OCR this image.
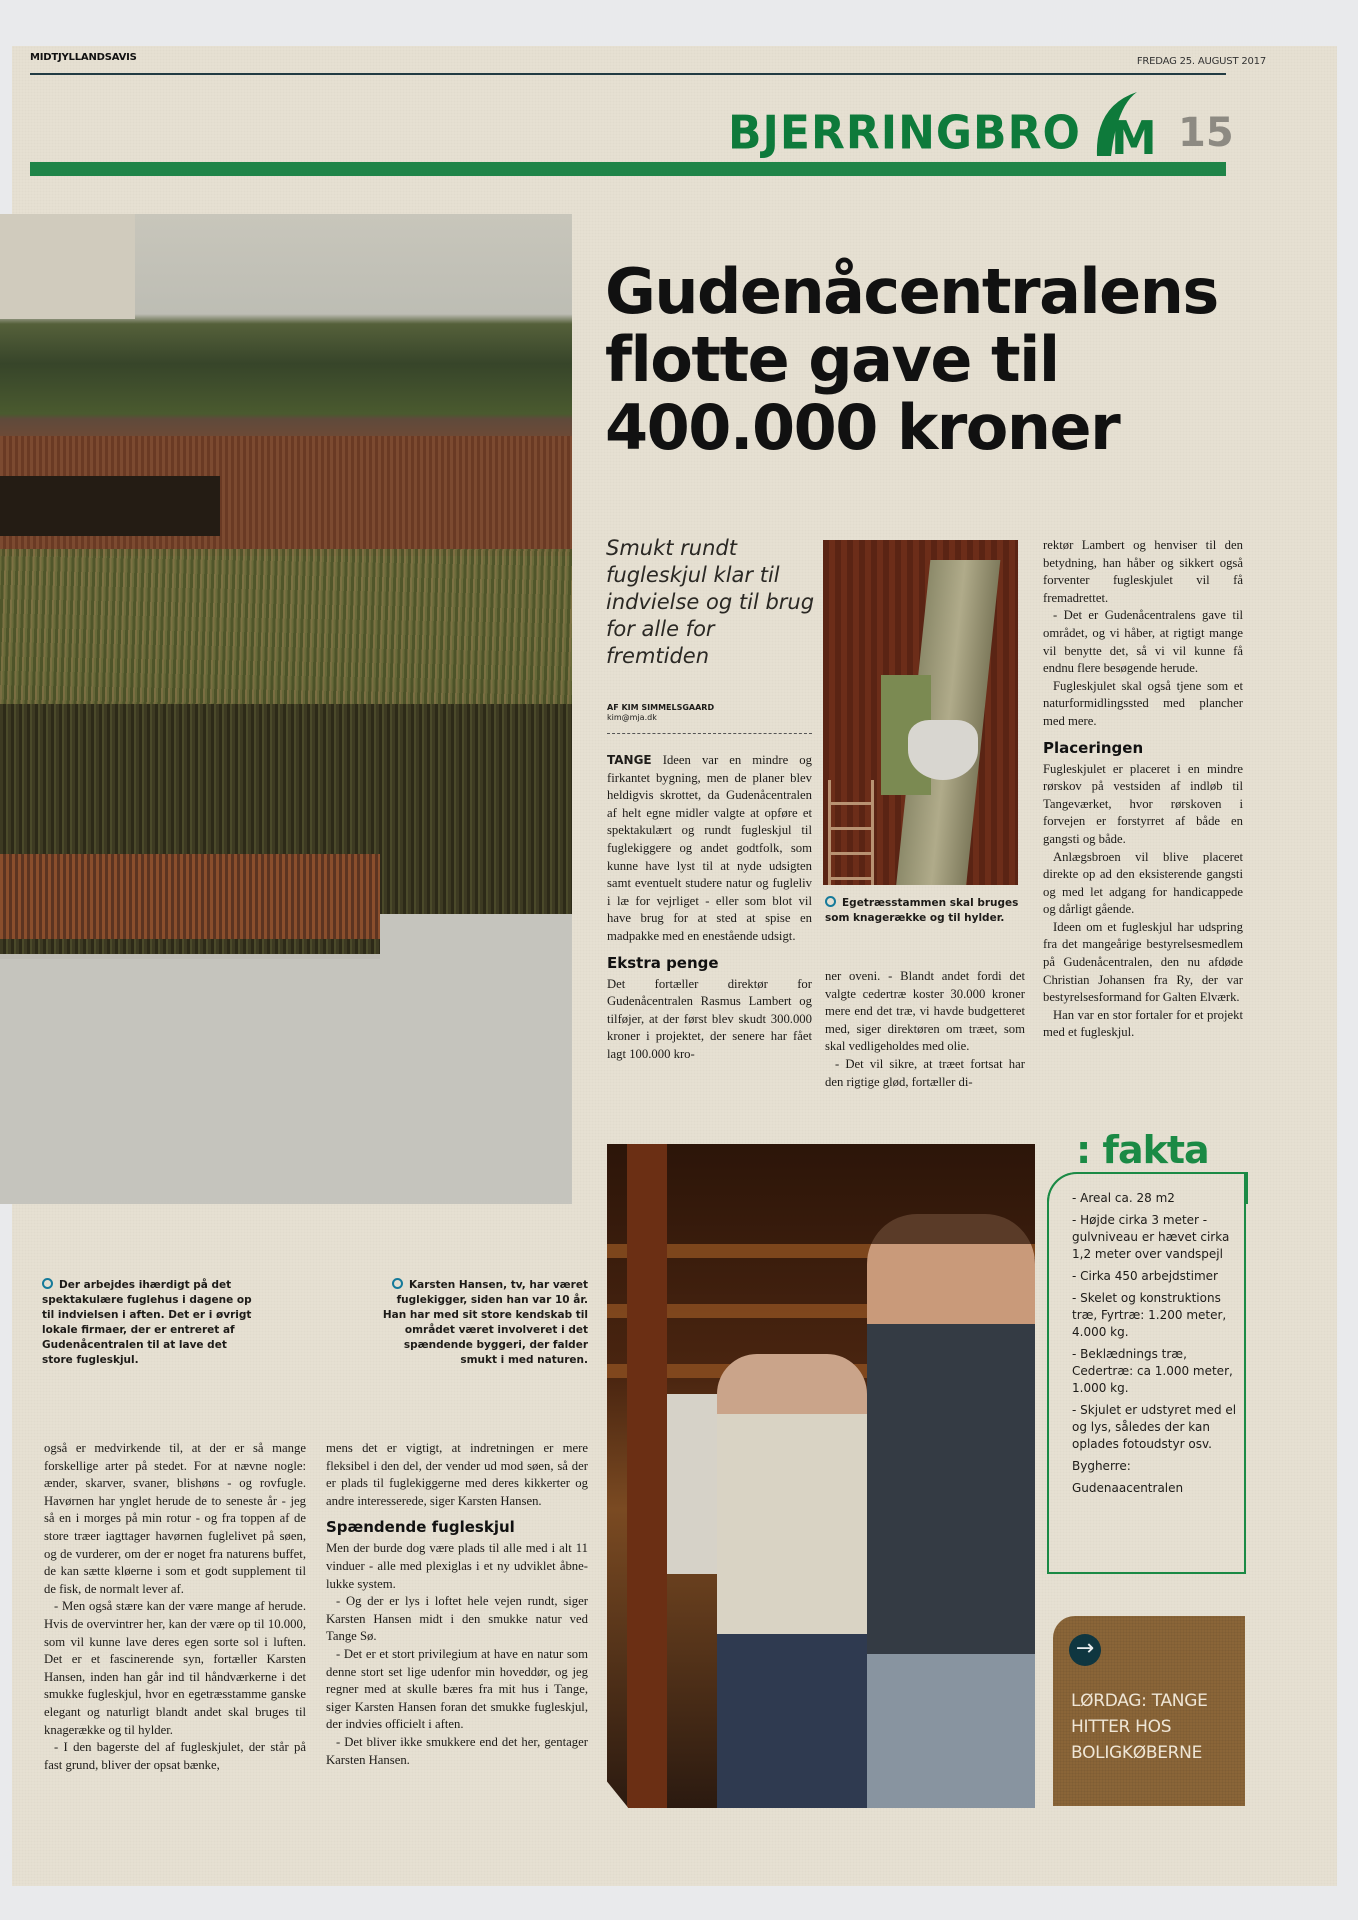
MIDTJYLLANDSAVIS	FREDAG 25. AUGUST 2017
BJERRINGBRO M 15
Gudenåcentralens
flotte gave til
400.000 kroner
Smukt rundt fugleskjul klar til indvielse og til brug for alle for fremtiden
AF KIM SIMMELSGAARD
kim@mja.dk

TANGE Ideen var en mindre og firkantet bygning, men de planer blev heldigvis skrottet, da Gudenåcentralen af helt egne midler valgte at opføre et spektakulært og rundt fugleskjul til fuglekiggere og andet godtfolk, som kunne have lyst til at nyde udsigten samt eventuelt studere natur og fugleliv i læ for vejrliget - eller som blot vil have brug for at sted at spise en madpakke med en enestående udsigt.

Ekstra penge

Det fortæller direktør for Gudenåcentralen Rasmus Lambert og tilføjer, at der først blev skudt 300.000 kroner i projektet, der senere har fået lagt 100.000 kro-

Egetræsstammen skal bruges som knagerække og til hylder.

ner oveni. - Blandt andet fordi det valgte cedertræ koster 30.000 kroner mere end det træ, vi havde budgetteret med, siger direktøren om træet, som skal vedligeholdes med olie.

- Det vil sikre, at træet fortsat har den rigtige glød, fortæller di-

rektør Lambert og henviser til den betydning, han håber og sikkert også forventer fugleskjulet vil få fremadrettet.

- Det er Gudenåcentralens gave til området, og vi håber, at rigtigt mange vil benytte det, så vi vil kunne få endnu flere besøgende herude.

Fugleskjulet skal også tjene som et naturformidlingssted med plancher med mere.

Placeringen

Fugleskjulet er placeret i en mindre rørskov på vestsiden af indløb til Tangeværket, hvor rørskoven i forvejen er forstyrret af både en gangsti og både.

Anlægsbroen vil blive placeret direkte op ad den eksisterende gangsti og med let adgang for handicappede og dårligt gående.

Ideen om et fugleskjul har udspring fra det mangeårige bestyrelsesmedlem på Gudenåcentralen, den nu afdøde Christian Johansen fra Ry, der var bestyrelsesformand for Galten Elværk.

Han var en stor fortaler for et projekt med et fugleskjul.

Der arbejdes ihærdigt på det spektakulære fuglehus i dagene op til indvielsen i aften. Det er i øvrigt lokale firmaer, der er entreret af Gudenåcentralen til at lave det store fugleskjul.
Karsten Hansen, tv, har været fuglekigger, siden han var 10 år. Han har med sit store kendskab til området været involveret i det spændende byggeri, der falder smukt i med naturen.

også er medvirkende til, at der er så mange forskellige arter på stedet. For at nævne nogle: ænder, skarver, svaner, blishøns - og rovfugle. Havørnen har ynglet herude de to seneste år - jeg så en i morges på min rotur - og fra toppen af de store træer iagttager havørnen fuglelivet på søen, og de vurderer, om der er noget fra naturens buffet, de kan sætte kløerne i som et godt supplement til de fisk, de normalt lever af.

- Men også stære kan der være mange af herude. Hvis de overvintrer her, kan der være op til 10.000, som vil kunne lave deres egen sorte sol i luften. Det er et fascinerende syn, fortæller Karsten Hansen, inden han går ind til håndværkerne i det smukke fugleskjul, hvor en egetræsstamme ganske elegant og naturligt blandt andet skal bruges til knagerække og til hylder.

- I den bagerste del af fugleskjulet, der står på fast grund, bliver der opsat bænke,

mens det er vigtigt, at indretningen er mere fleksibel i den del, der vender ud mod søen, så der er plads til fuglekiggerne med deres kikkerter og andre interesserede, siger Karsten Hansen.

Spændende fugleskjul

Men der burde dog være plads til alle med i alt 11 vinduer - alle med plexiglas i et ny udviklet åbne-lukke system.

- Og der er lys i loftet hele vejen rundt, siger Karsten Hansen midt i den smukke natur ved Tange Sø.

- Det er et stort privilegium at have en natur som denne stort set lige udenfor min hoveddør, og jeg regner med at skulle bæres fra mit hus i Tange, siger Karsten Hansen foran det smukke fugleskjul, der indvies officielt i aften.

- Det bliver ikke smukkere end det her, gentager Karsten Hansen.

: fakta
- Areal ca. 28 m2
- Højde cirka 3 meter - gulvniveau er hævet cirka 1,2 meter over vandspejl
- Cirka 450 arbejdstimer
- Skelet og konstruktions træ, Fyrtræ: 1.200 meter, 4.000 kg.
- Beklædnings træ, Cedertræ: ca 1.000 meter, 1.000 kg.
- Skjulet er udstyret med el og lys, således der kan oplades fotoudstyr osv.
Bygherre:
Gudenaacentralen
→
LØRDAG: TANGE HITTER HOS BOLIGKØBERNE
